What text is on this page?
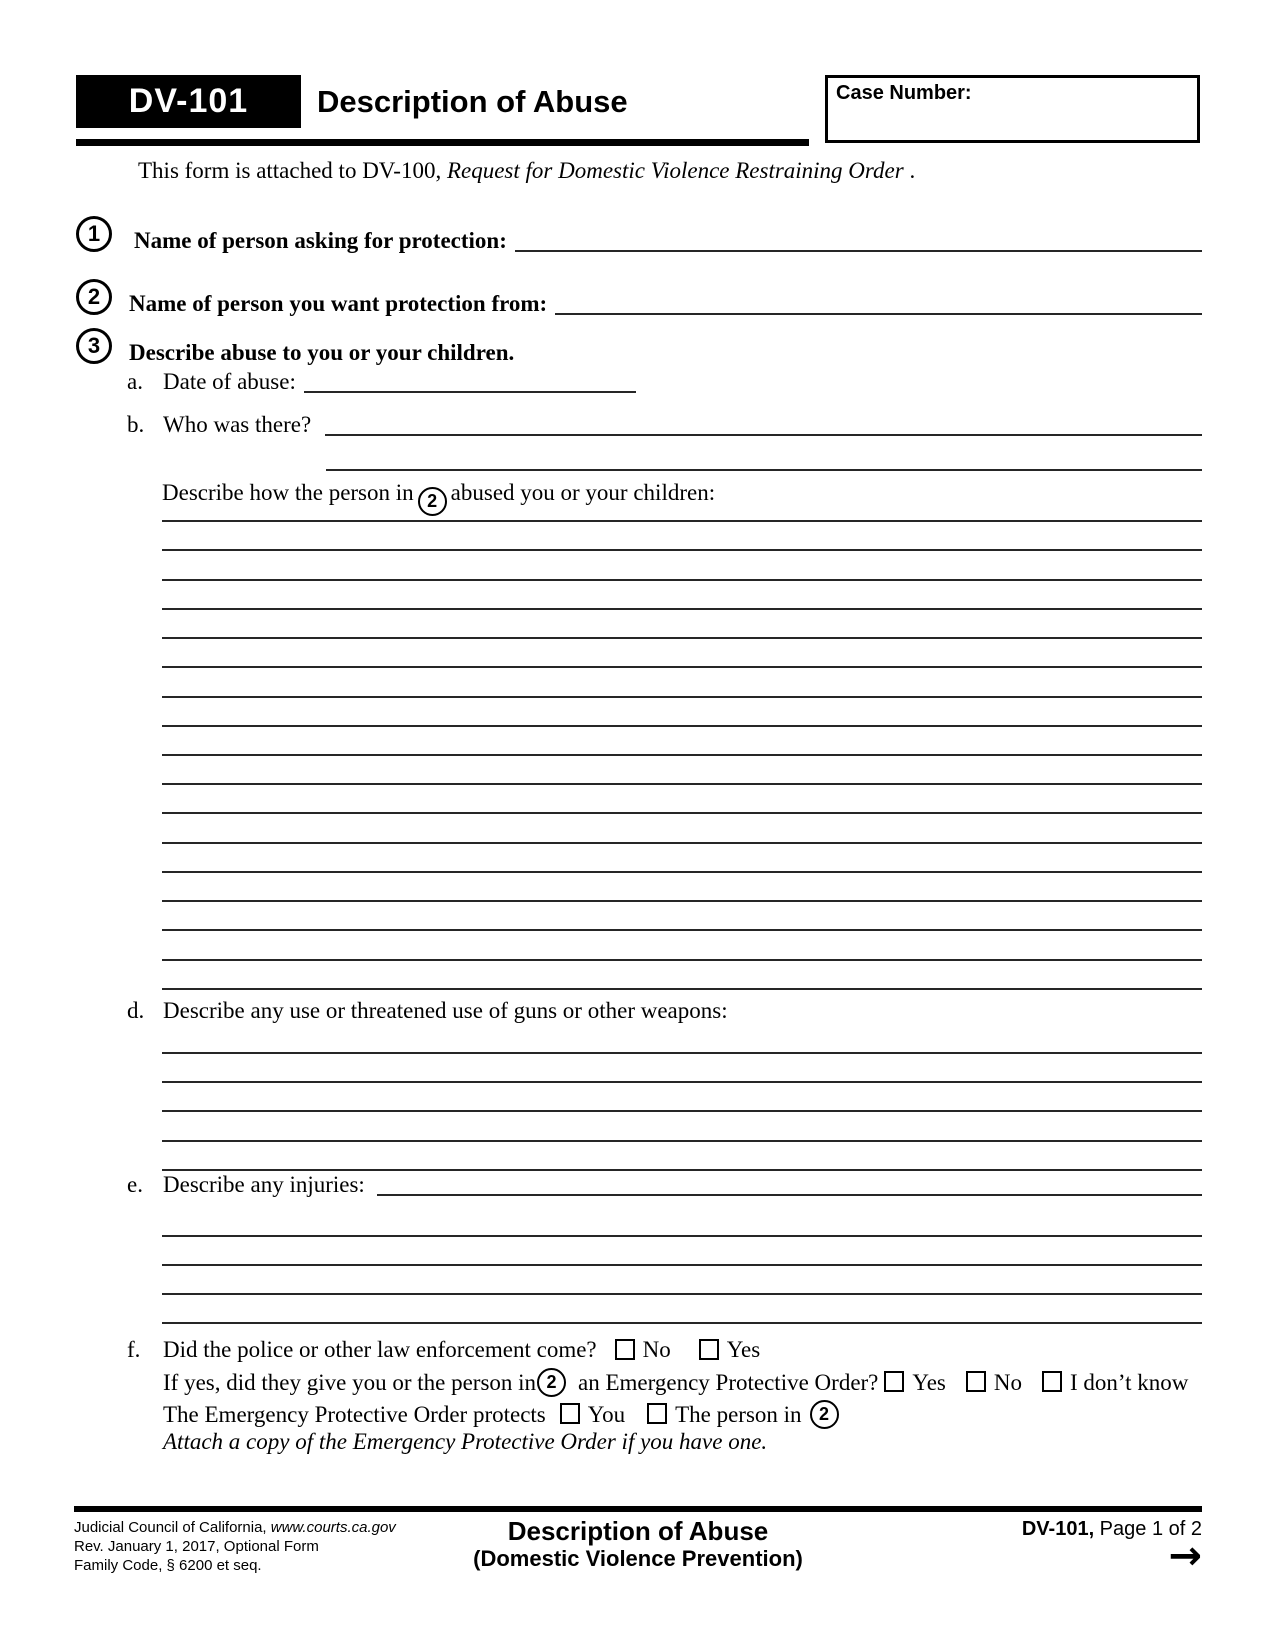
DV-101 Description of Abuse	Case Number:
This form is attached to DV-100, Request for Domestic Violence Restraining Order .
1 Name of person asking for protection:
2 Name of person you want protection from:
3 Describe abuse to you or your children.
a. Date of abuse:
b. Who was there?
Describe how the person in 2 abused you or your children:
d. Describe any use or threatened use of guns or other weapons:
e. Describe any injuries:
f. Did the police or other law enforcement come? No Yes
If yes, did they give you or the person in 2 an Emergency Protective Order? Yes No I don’t know
The Emergency Protective Order protects You The person in 2
Attach a copy of the Emergency Protective Order if you have one.
Judicial Council of California, www.courts.ca.gov
Rev. January 1, 2017, Optional Form
Family Code, § 6200 et seq.
Description of Abuse
(Domestic Violence Prevention)
DV-101, Page 1 of 2
→
